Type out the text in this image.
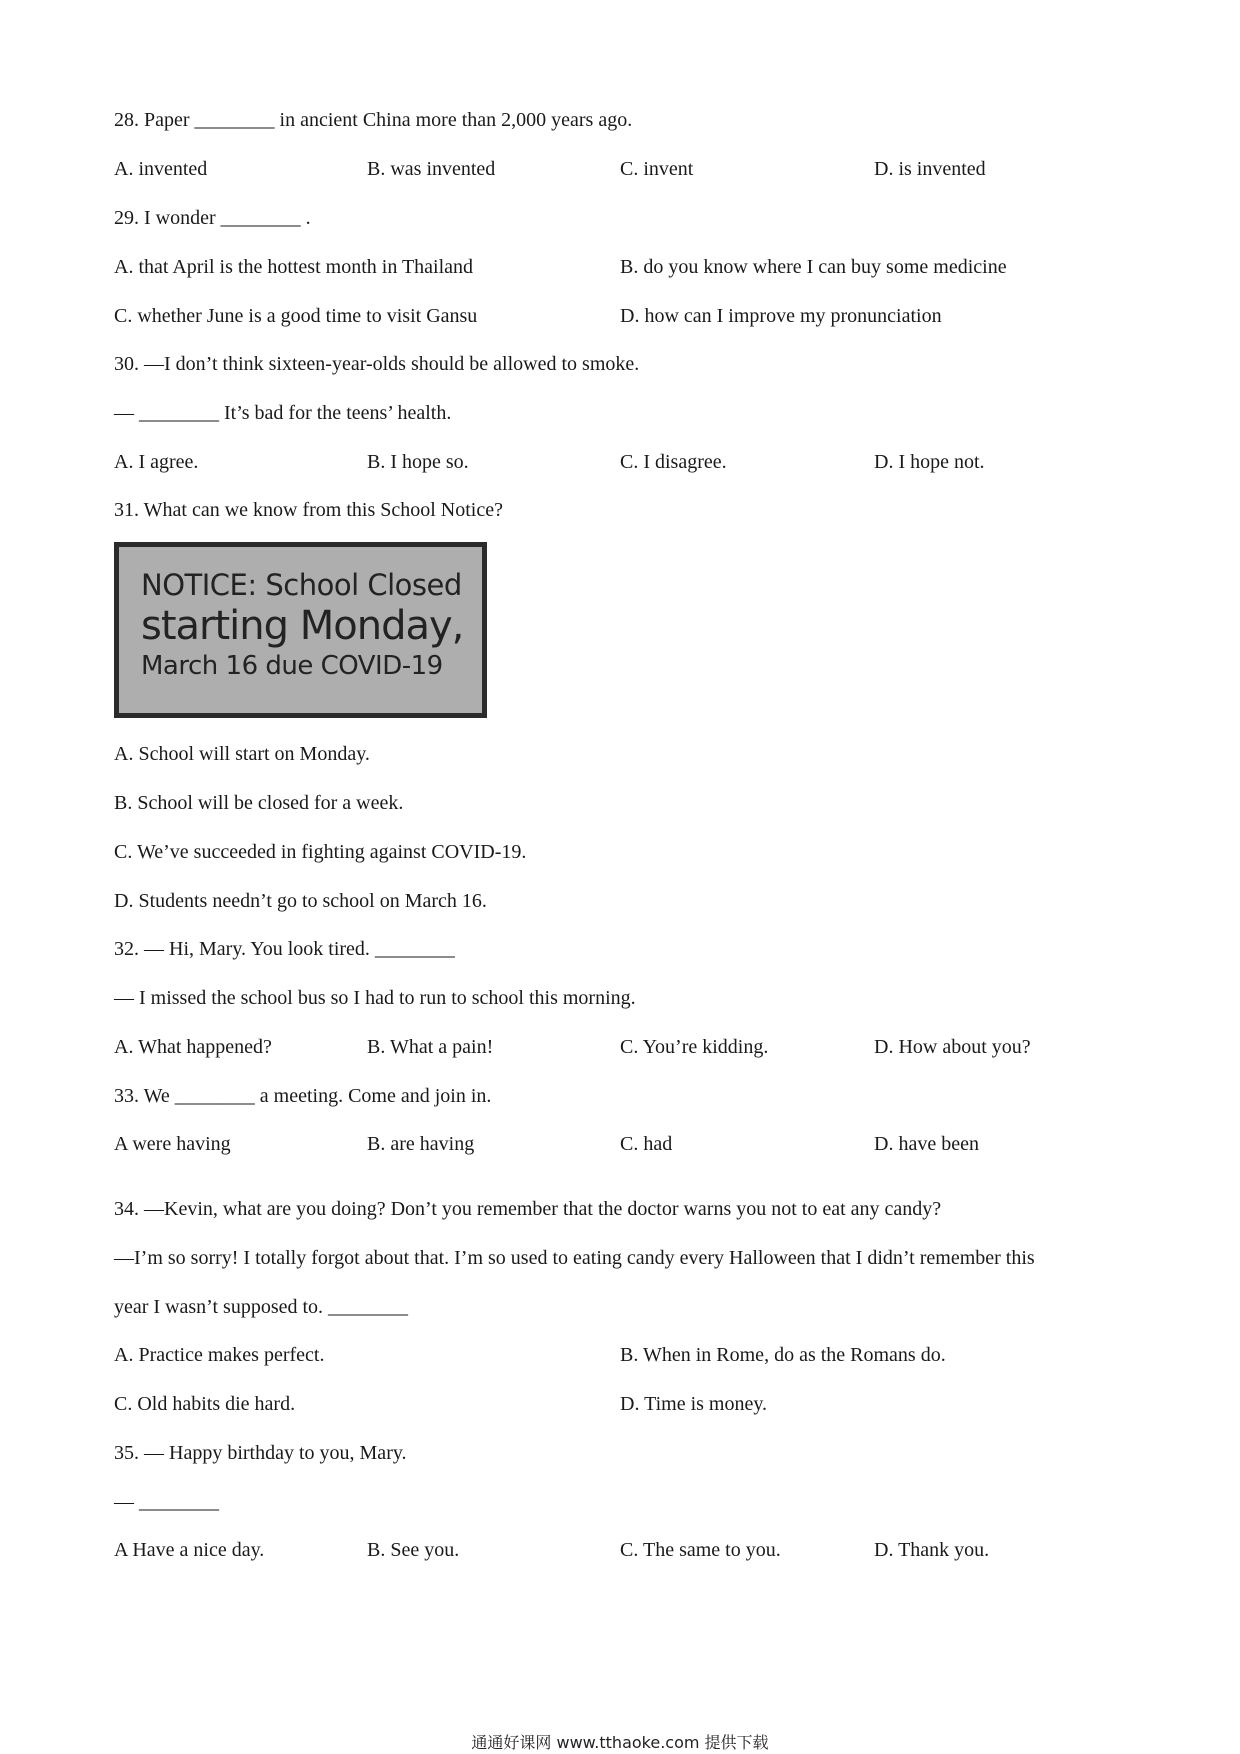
28. Paper ________ in ancient China more than 2,000 years ago.
A. invented	B. was invented	C. invent	D. is invented
29. I wonder ________ .
A. that April is the hottest month in Thailand	B. do you know where I can buy some medicine
C. whether June is a good time to visit Gansu	D. how can I improve my pronunciation
30. —I don’t think sixteen-year-olds should be allowed to smoke.
— ________ It’s bad for the teens’ health.
A. I agree.	B. I hope so.	C. I disagree.	D. I hope not.
31. What can we know from this School Notice?
NOTICE: School Closed
starting Monday,
March 16 due COVID-19
A. School will start on Monday.
B. School will be closed for a week.
C. We’ve succeeded in fighting against COVID-19.
D. Students needn’t go to school on March 16.
32. — Hi, Mary. You look tired. ________
— I missed the school bus so I had to run to school this morning.
A. What happened?	B. What a pain!	C. You’re kidding.	D. How about you?
33. We ________ a meeting. Come and join in.
A were having	B. are having	C. had	D. have been
34. —Kevin, what are you doing? Don’t you remember that the doctor warns you not to eat any candy?
—I’m so sorry! I totally forgot about that. I’m so used to eating candy every Halloween that I didn’t remember this
year I wasn’t supposed to. ________
A. Practice makes perfect.	B. When in Rome, do as the Romans do.
C. Old habits die hard.	D. Time is money.
35. — Happy birthday to you, Mary.
— ________
A Have a nice day.	B. See you.	C. The same to you.	D. Thank you.
通通好课网 www.tthaoke.com 提供下载
